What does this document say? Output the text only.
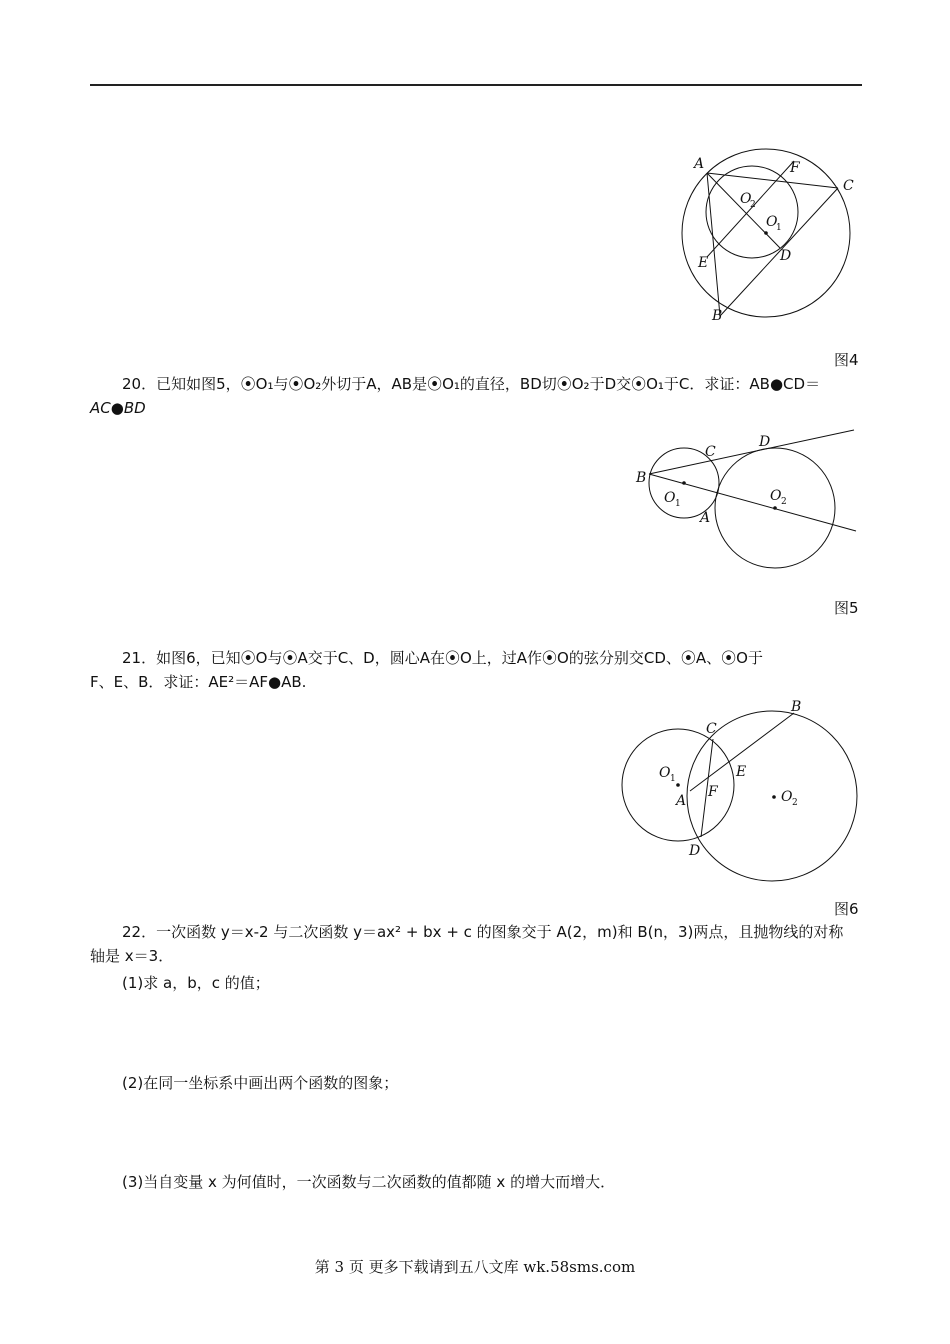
A	F
C
O
2
O
1
E	D
B
图4
20．已知如图5，⦿O₁与⦿O₂外切于A，AB是⦿O₁的直径，BD切⦿O₂于D交⦿O₁于C．求证：AB●CD＝
AC●BD
B
C
D
O 1
A
O 2
图5
21．如图6，已知⦿O与⦿A交于C、D，圆心A在⦿O上，过A作⦿O的弦分别交CD、⦿A、⦿O于
F、E、B．求证：AE²＝AF●AB.
B
C
E
O 1
A
F	O 2
D
图6
22．一次函数 y＝x-2 与二次函数 y＝ax² + bx + c 的图象交于 A(2，m)和 B(n，3)两点，且抛物线的对称
轴是 x＝3．
(1)求 a，b，c 的值；
(2)在同一坐标系中画出两个函数的图象；
(3)当自变量 x 为何值时，一次函数与二次函数的值都随 x 的增大而增大．
第 3 页 更多下载请到五八文库 wk.58sms.com
